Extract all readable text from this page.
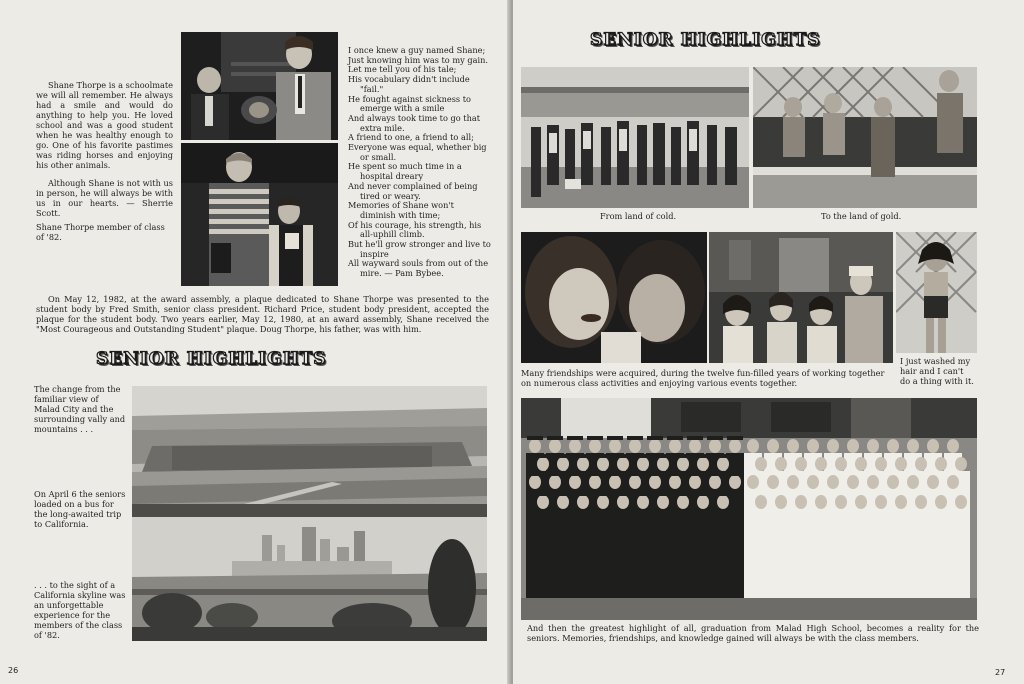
Shane Thorpe is a schoolmate we will all remember. He always had a smile and would do anything to help you. He loved school and was a good student when he was healthy enough to go. One of his favorite pastimes was riding horses and enjoying his other animals.
Although Shane is not with us in person, he will always be with us in our hearts. — Sherrie Scott.
Shane Thorpe member of class of '82.

I once knew a guy named Shane;

Just knowing him was to my gain.

Let me tell you of his tale;

His vocabulary didn't include

"fail."

He fought against sickness to

emerge with a smile

And always took time to go that

extra mile.

A friend to one, a friend to all;

Everyone was equal, whether big

or small.

He spent so much time in a

hospital dreary

And never complained of being

tired or weary.

Memories of Shane won't

diminish with time;

Of his courage, his strength, his

all-uphill climb.

But he'll grow stronger and live to

inspire

All wayward souls from out of the

mire. — Pam Bybee.

On May 12, 1982, at the award assembly, a plaque dedicated to Shane Thorpe was presented to the student body by Fred Smith, senior class president. Richard Price, student body president, accepted the plaque for the student body. Two years earlier, May 12, 1980, at an award assembly, Shane received the "Most Courageous and Outstanding Student" plaque. Doug Thorpe, his father, was with him.
SENIOR HIGHLIGHTS
The change from the familiar view of Malad City and the surrounding vally and mountains . . .
On April 6 the seniors loaded on a bus for the long-awaited trip to California.
. . . to the sight of a California skyline was an unforgettable experience for the members of the class of '82.
26
SENIOR HIGHLIGHTS
From land of cold.	To the land of gold.
I just washed my hair and I can't do a thing with it.
Many friendships were acquired, during the twelve fun-filled years of working together on numerous class activities and enjoying various events together.
And then the greatest highlight of all, graduation from Malad High School, becomes a reality for the seniors. Memories, friendships, and knowledge gained will always be with the class members.
27
